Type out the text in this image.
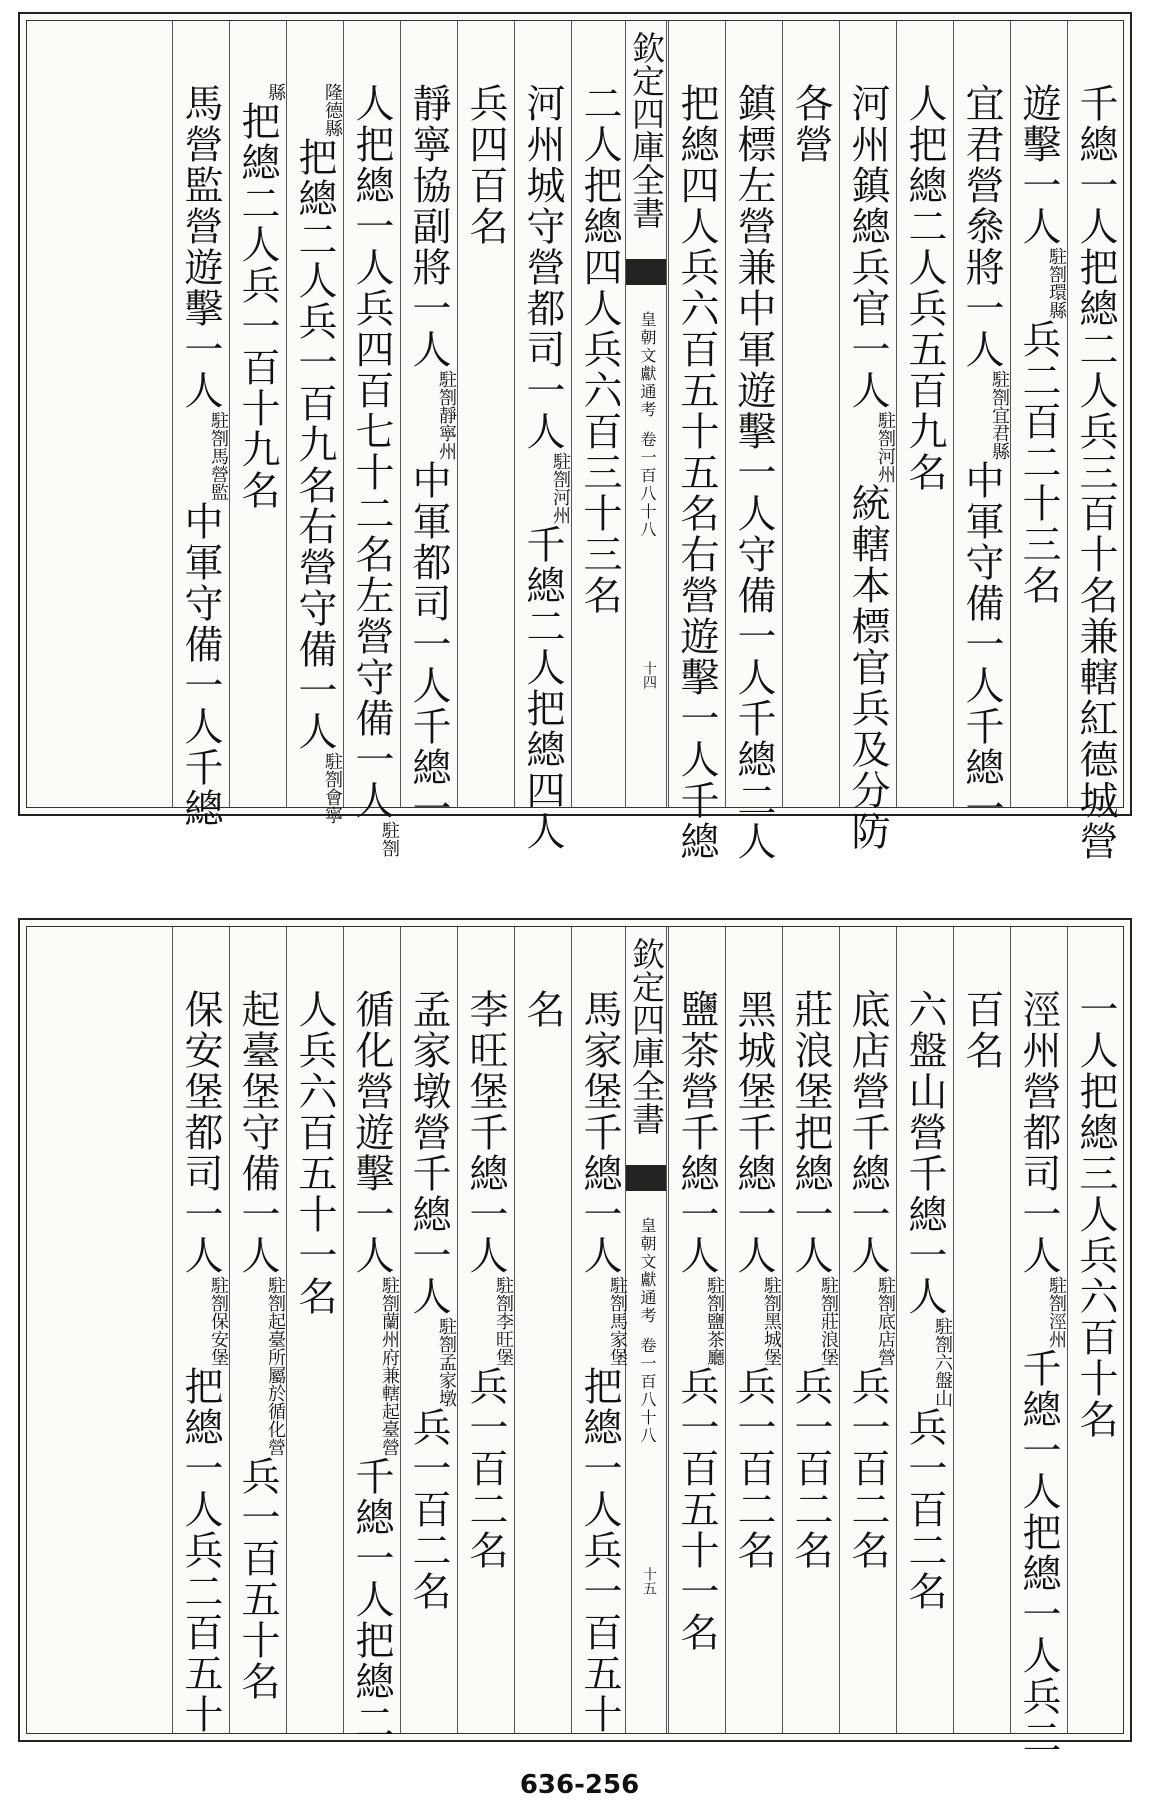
千總一人把總二人兵三百十名兼轄紅德城營
遊擊一人駐劄環縣兵二百二十三名
宜君營叅將一人駐劄宜君縣中軍守備一人千總一
人把總二人兵五百九名
河州鎮總兵官一人駐劄河州統轄本標官兵及分防
各營
鎮標左營兼中軍遊擊一人守備一人千總二人
把總四人兵六百五十五名右營遊擊一人千總
欽定四庫全書
皇朝文獻通考
卷一百八十八
十四
二人把總四人兵六百三十三名
河州城守營都司一人駐劄河州千總二人把總四人
兵四百名
靜寧協副將一人駐劄靜寧州中軍都司一人千總一
人把總一人兵四百七十二名左營守備一人駐劄
隆德縣把總二人兵一百九名右營守備一人駐劄會寧
縣把總二人兵一百十九名
馬營監營遊擊一人駐劄馬營監中軍守備一人千總
一人把總三人兵六百十名
涇州營都司一人駐劄涇州千總一人把總一人兵二
百名
六盤山營千總一人駐劄六盤山兵一百二名
底店營千總一人駐劄底店營兵一百二名
莊浪堡把總一人駐劄莊浪堡兵一百二名
黑城堡千總一人駐劄黑城堡兵一百二名
鹽茶營千總一人駐劄鹽茶廳兵一百五十一名
欽定四庫全書
皇朝文獻通考
卷一百八十八
十五
馬家堡千總一人駐劄馬家堡把總一人兵一百五十
名
李旺堡千總一人駐劄李旺堡兵一百二名
孟家墩營千總一人駐劄孟家墩兵一百二名
循化營遊擊一人駐劄蘭州府兼轄起臺營千總一人把總二
人兵六百五十一名
起臺堡守備一人駐劄起臺所屬於循化營兵一百五十名
保安堡都司一人駐劄保安堡把總一人兵二百五十
636-256
